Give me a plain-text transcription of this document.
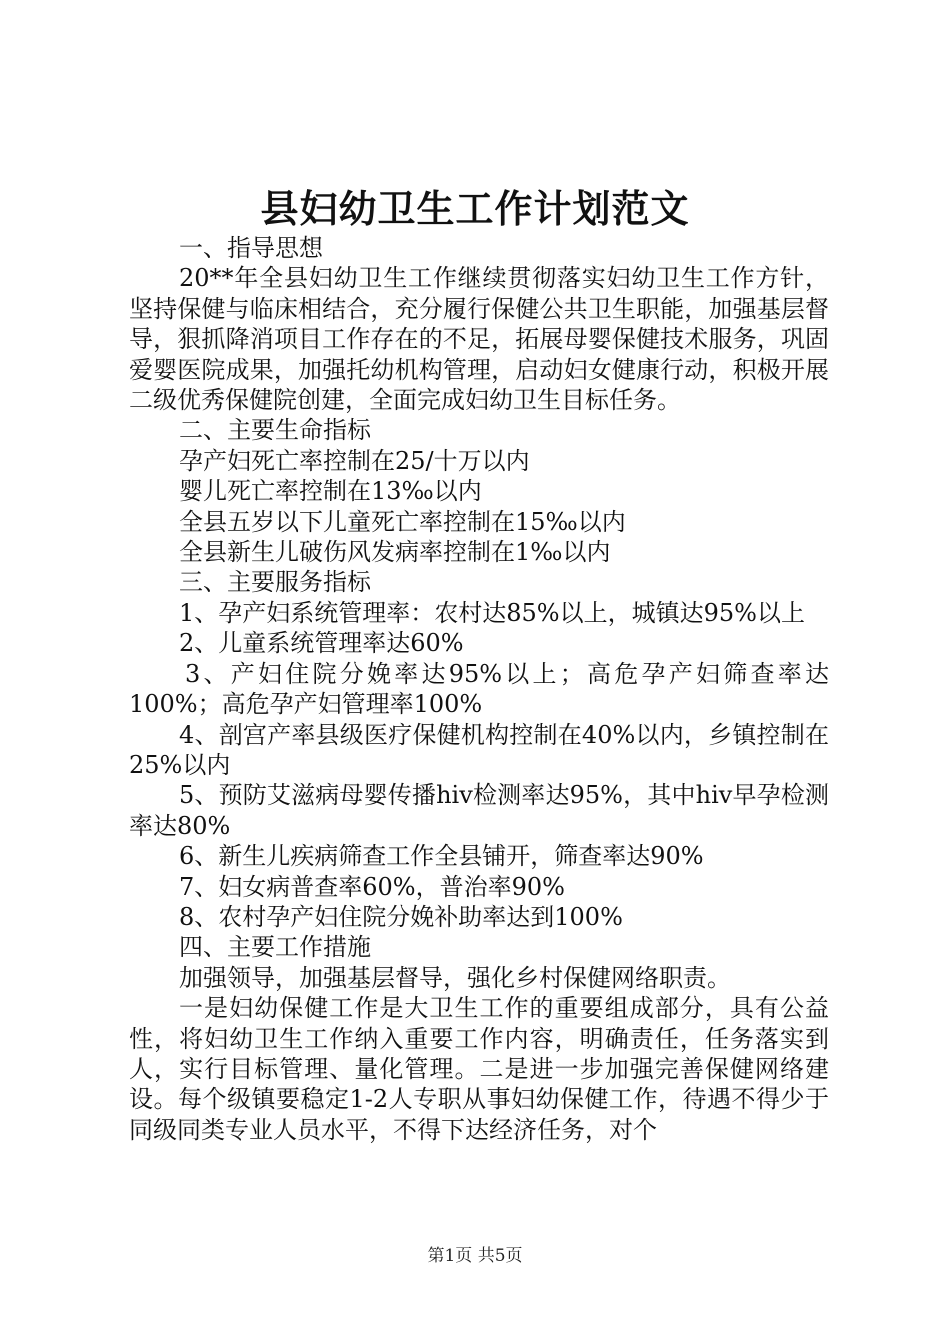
县妇幼卫生工作计划范文

一、指导思想

20**年全县妇幼卫生工作继续贯彻落实妇幼卫生工作方针，坚持保健与临床相结合，充分履行保健公共卫生职能，加强基层督导，狠抓降消项目工作存在的不足，拓展母婴保健技术服务，巩固爱婴医院成果，加强托幼机构管理，启动妇女健康行动，积极开展二级优秀保健院创建，全面完成妇幼卫生目标任务。

二、主要生命指标

孕产妇死亡率控制在25/十万以内

婴儿死亡率控制在13‰以内

全县五岁以下儿童死亡率控制在15‰以内

全县新生儿破伤风发病率控制在1‰以内

三、主要服务指标

1、孕产妇系统管理率：农村达85%以上，城镇达95%以上

2、儿童系统管理率达60%

3、产妇住院分娩率达95%以上；高危孕产妇筛查率达100%；高危孕产妇管理率100%

4、剖宫产率县级医疗保健机构控制在40%以内，乡镇控制在25%以内

5、预防艾滋病母婴传播hiv检测率达95%，其中hiv早孕检测率达80%

6、新生儿疾病筛查工作全县铺开，筛查率达90%

7、妇女病普查率60%，普治率90%

8、农村孕产妇住院分娩补助率达到100%

四、主要工作措施

加强领导，加强基层督导，强化乡村保健网络职责。

一是妇幼保健工作是大卫生工作的重要组成部分，具有公益性，将妇幼卫生工作纳入重要工作内容，明确责任，任务落实到人，实行目标管理、量化管理。二是进一步加强完善保健网络建设。每个级镇要稳定1-2人专职从事妇幼保健工作，待遇不得少于同级同类专业人员水平，不得下达经济任务，对个

第1页 共5页
